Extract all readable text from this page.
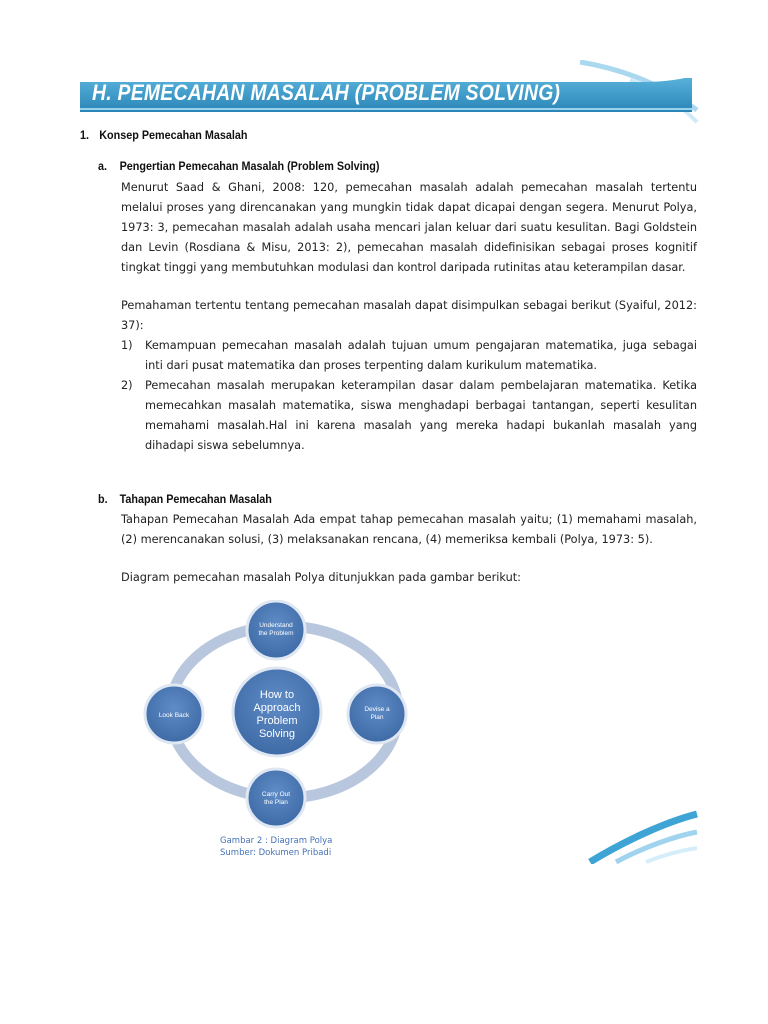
H. PEMECAHAN MASALAH (PROBLEM SOLVING)
1. Konsep Pemecahan Masalah
a. Pengertian Pemecahan Masalah (Problem Solving)

Menurut Saad & Ghani, 2008: 120, pemecahan masalah adalah pemecahan masalah tertentu melalui proses yang direncanakan yang mungkin tidak dapat dicapai dengan segera. Menurut Polya, 1973: 3, pemecahan masalah adalah usaha mencari jalan keluar dari suatu kesulitan. Bagi Goldstein dan Levin (Rosdiana & Misu, 2013: 2), pemecahan masalah didefinisikan sebagai proses kognitif tingkat tinggi yang membutuhkan modulasi dan kontrol daripada rutinitas atau keterampilan dasar.

Pemahaman tertentu tentang pemecahan masalah dapat disimpulkan sebagai berikut (Syaiful, 2012: 37):

1) Kemampuan pemecahan masalah adalah tujuan umum pengajaran matematika, juga sebagai inti dari pusat matematika dan proses terpenting dalam kurikulum matematika.
2) Pemecahan masalah merupakan keterampilan dasar dalam pembelajaran matematika. Ketika memecahkan masalah matematika, siswa menghadapi berbagai tantangan, seperti kesulitan memahami masalah.Hal ini karena masalah yang mereka hadapi bukanlah masalah yang dihadapi siswa sebelumnya.
b. Tahapan Pemecahan Masalah

Tahapan Pemecahan Masalah Ada empat tahap pemecahan masalah yaitu; (1) memahami masalah, (2) merencanakan solusi, (3) melaksanakan rencana, (4) memeriksa kembali (Polya, 1973: 5).

Diagram pemecahan masalah Polya ditunjukkan pada gambar berikut:

How to
Approach
Problem
Solving
Understand
the Problem
Devise a
Plan
Carry Out
the Plan
Look Back
Gambar 2 : Diagram Polya
Sumber: Dokumen Pribadi
